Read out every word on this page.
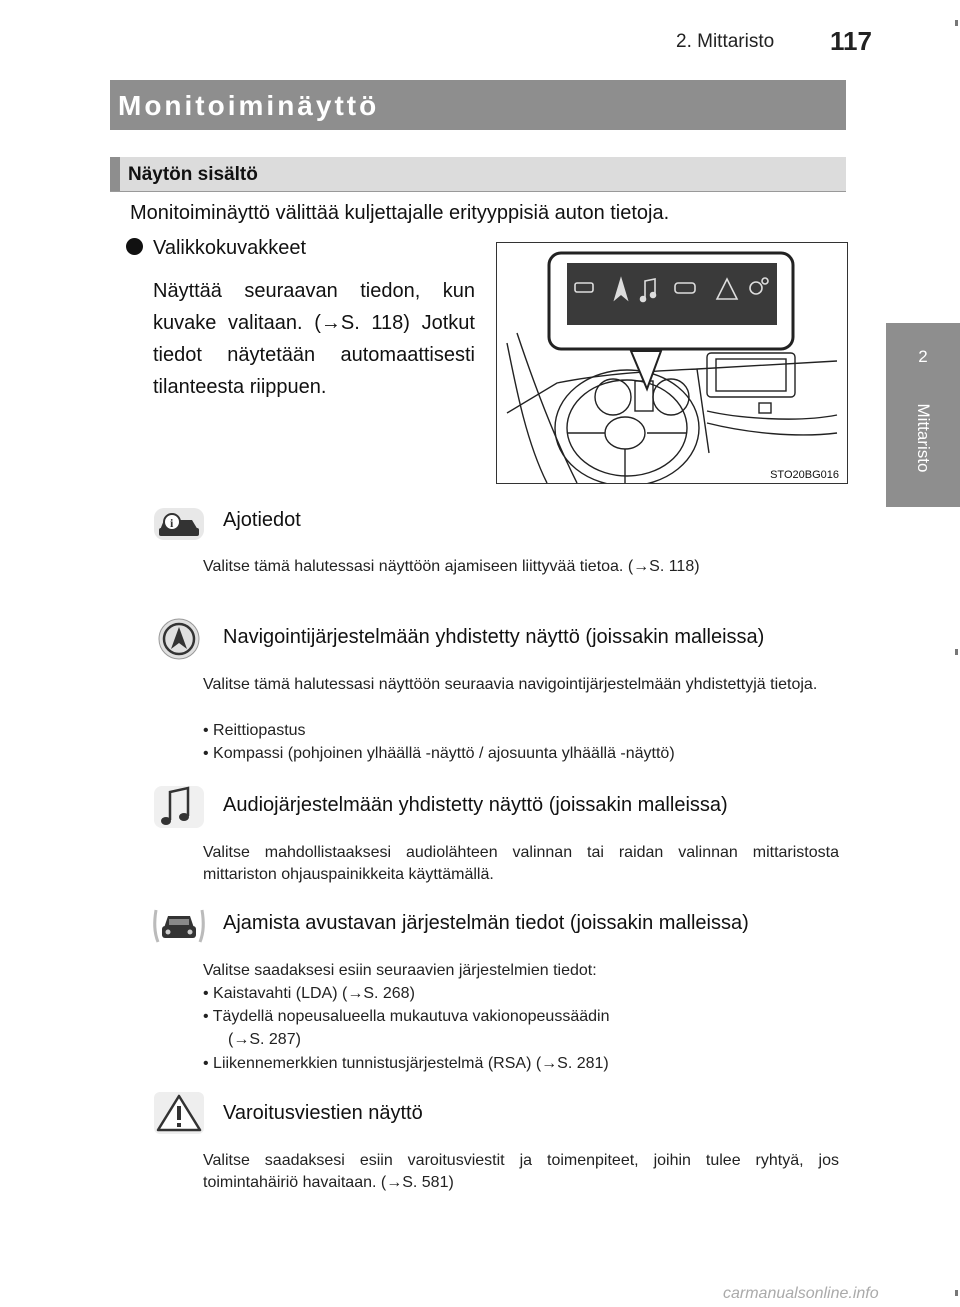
2. Mittaristo 117
Monitoiminäyttö
Näytön sisältö
2
Mittaristo
Monitoiminäyttö välittää kuljettajalle erityyppisiä auton tietoja.
Valikkokuvakkeet
Näyttää seuraavan tiedon, kun kuvake valitaan. (→S. 118) Jotkut tiedot näytetään automaattisesti tilanteesta riippuen.
STO20BG016
i Ajotiedot
Valitse tämä halutessasi näyttöön ajamiseen liittyvää tietoa. (→S. 118)
Navigointijärjestelmään yhdistetty näyttö (joissakin malleissa)
Valitse tämä halutessasi näyttöön seuraavia navigointijärjestelmään yhdistettyjä tietoja.
• Reittiopastus
• Kompassi (pohjoinen ylhäällä -näyttö / ajosuunta ylhäällä -näyttö)
Audiojärjestelmään yhdistetty näyttö (joissakin malleissa)
Valitse mahdollistaaksesi audiolähteen valinnan tai raidan valinnan mittaristosta mittariston ohjauspainikkeita käyttämällä.
Ajamista avustavan järjestelmän tiedot (joissakin malleissa)
Valitse saadaksesi esiin seuraavien järjestelmien tiedot:
• Kaistavahti (LDA) (→S. 268)
• Täydellä nopeusalueella mukautuva vakionopeussäädin
(→S. 287)
• Liikennemerkkien tunnistusjärjestelmä (RSA) (→S. 281)
Varoitusviestien näyttö
Valitse saadaksesi esiin varoitusviestit ja toimenpiteet, joihin tulee ryhtyä, jos toimintahäiriö havaitaan. (→S. 581)
carmanualsonline.info
